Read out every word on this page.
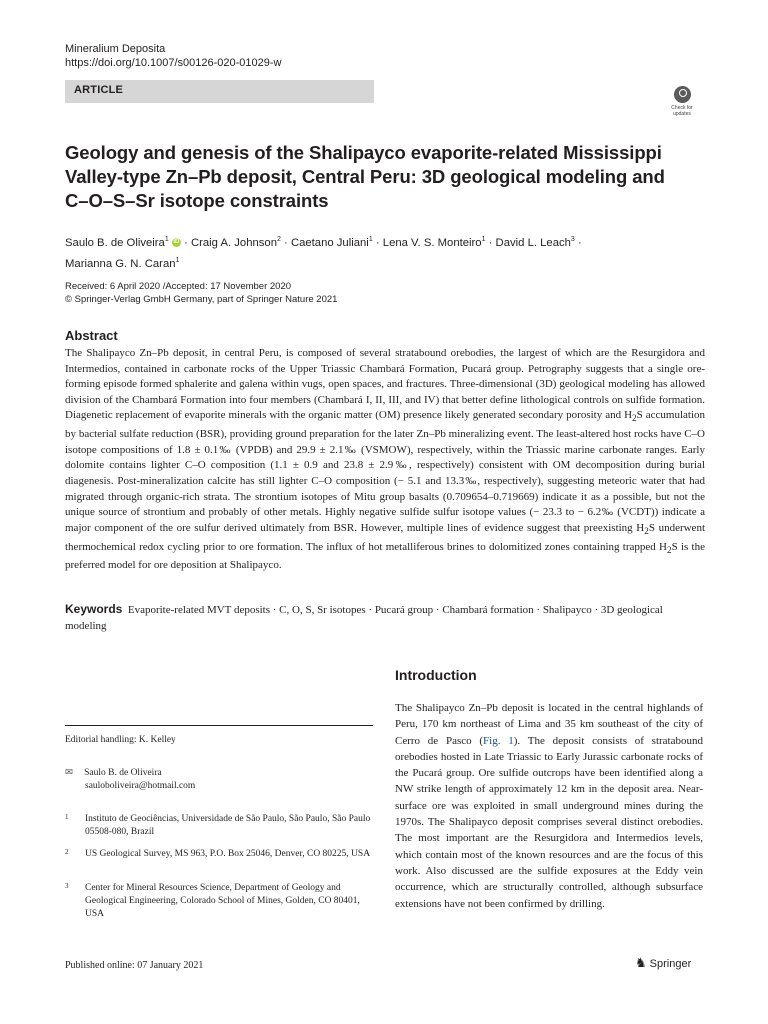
Mineralium Deposita
https://doi.org/10.1007/s00126-020-01029-w
ARTICLE
Check for updates
Geology and genesis of the Shalipayco evaporite-related Mississippi Valley-type Zn–Pb deposit, Central Peru: 3D geological modeling and C–O–S–Sr isotope constraints
Saulo B. de Oliveira$^1$ iD · Craig A. Johnson$^2$ · Caetano Juliani$^1$ · Lena V. S. Monteiro$^1$ · David L. Leach$^3$ ·
Marianna G. N. Caran$^1$
Received: 6 April 2020 /Accepted: 17 November 2020
© Springer-Verlag GmbH Germany, part of Springer Nature 2021
Abstract
The Shalipayco Zn–Pb deposit, in central Peru, is composed of several stratabound orebodies, the largest of which are the Resurgidora and Intermedios, contained in carbonate rocks of the Upper Triassic Chambará Formation, Pucará group. Petrography suggests that a single ore-forming episode formed sphalerite and galena within vugs, open spaces, and fractures. Three-dimensional (3D) geological modeling has allowed division of the Chambará Formation into four members (Chambará I, II, III, and IV) that better define lithological controls on sulfide formation. Diagenetic replacement of evaporite minerals with the organic matter (OM) presence likely generated secondary porosity and $H_2S$ accumulation by bacterial sulfate reduction (BSR), providing ground preparation for the later Zn–Pb mineralizing event. The least-altered host rocks have C–O isotope compositions of 1.8 ± 0.1‰ (VPDB) and 29.9 ± 2.1‰ (VSMOW), respectively, within the Triassic marine carbonate ranges. Early dolomite contains lighter C–O composition (1.1 ± 0.9 and 23.8 ± 2.9‰, respectively) consistent with OM decomposition during burial diagenesis. Post-mineralization calcite has still lighter C–O composition (− 5.1 and 13.3‰, respectively), suggesting meteoric water that had migrated through organic-rich strata. The strontium isotopes of Mitu group basalts (0.709654–0.719669) indicate it as a possible, but not the unique source of strontium and probably of other metals. Highly negative sulfide sulfur isotope values (− 23.3 to − 6.2‰ (VCDT)) indicate a major component of the ore sulfur derived ultimately from BSR. However, multiple lines of evidence suggest that preexisting $H_2S$ underwent thermochemical redox cycling prior to ore formation. The influx of hot metalliferous brines to dolomitized zones containing trapped $H_2S$ is the preferred model for ore deposition at Shalipayco.
Keywords Evaporite-related MVT deposits · C, O, S, Sr isotopes · Pucará group · Chambará formation · Shalipayco · 3D geological modeling
Introduction
The Shalipayco Zn–Pb deposit is located in the central highlands of Peru, 170 km northeast of Lima and 35 km southeast of the city of Cerro de Pasco (Fig. 1). The deposit consists of stratabound orebodies hosted in Late Triassic to Early Jurassic carbonate rocks of the Pucará group. Ore sulfide outcrops have been identified along a NW strike length of approximately 12 km in the deposit area. Near-surface ore was exploited in small underground mines during the 1970s. The Shalipayco deposit comprises several distinct orebodies. The most important are the Resurgidora and Intermedios levels, which contain most of the known resources and are the focus of this work. Also discussed are the sulfide exposures at the Eddy vein occurrence, which are structurally controlled, although subsurface extensions have not been confirmed by drilling.
Editorial handling: K. Kelley
✉ Saulo B. de Oliveira
sauloboliveira@hotmail.com
1 Instituto de Geociências, Universidade de São Paulo, São Paulo, São Paulo 05508-080, Brazil
2 US Geological Survey, MS 963, P.O. Box 25046, Denver, CO 80225, USA
3 Center for Mineral Resources Science, Department of Geology and Geological Engineering, Colorado School of Mines, Golden, CO 80401, USA
Published online: 07 January 2021	♞ Springer
